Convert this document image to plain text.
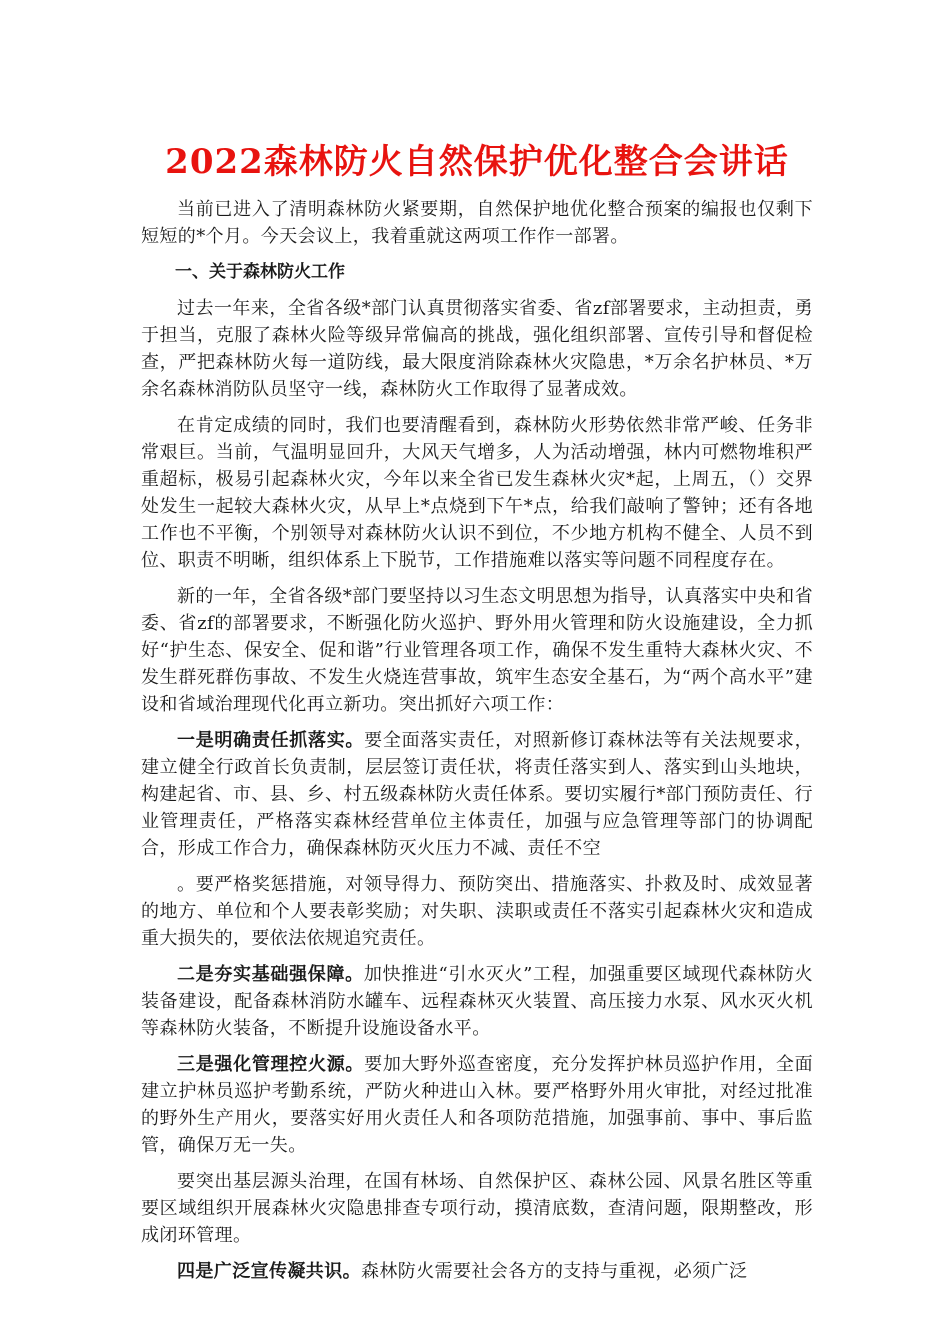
2022森林防火自然保护优化整合会讲话

当前已进入了清明森林防火紧要期，自然保护地优化整合预案的编报也仅剩下短短的*个月。今天会议上，我着重就这两项工作作一部署。

一、关于森林防火工作

过去一年来，全省各级*部门认真贯彻落实省委、省zf部署要求，主动担责，勇于担当，克服了森林火险等级异常偏高的挑战，强化组织部署、宣传引导和督促检查，严把森林防火每一道防线，最大限度消除森林火灾隐患，*万余名护林员、*万余名森林消防队员坚守一线，森林防火工作取得了显著成效。

在肯定成绩的同时，我们也要清醒看到，森林防火形势依然非常严峻、任务非常艰巨。当前，气温明显回升，大风天气增多，人为活动增强，林内可燃物堆积严重超标，极易引起森林火灾，今年以来全省已发生森林火灾*起，上周五，（）交界处发生一起较大森林火灾，从早上*点烧到下午*点，给我们敲响了警钟；还有各地工作也不平衡，个别领导对森林防火认识不到位，不少地方机构不健全、人员不到位、职责不明晰，组织体系上下脱节，工作措施难以落实等问题不同程度存在。

新的一年，全省各级*部门要坚持以习生态文明思想为指导，认真落实中央和省委、省zf的部署要求，不断强化防火巡护、野外用火管理和防火设施建设，全力抓好“护生态、保安全、促和谐”行业管理各项工作，确保不发生重特大森林火灾、不发生群死群伤事故、不发生火烧连营事故，筑牢生态安全基石，为“两个高水平”建设和省域治理现代化再立新功。突出抓好六项工作：

一是明确责任抓落实。要全面落实责任，对照新修订森林法等有关法规要求，建立健全行政首长负责制，层层签订责任状，将责任落实到人、落实到山头地块，构建起省、市、县、乡、村五级森林防火责任体系。要切实履行*部门预防责任、行业管理责任，严格落实森林经营单位主体责任，加强与应急管理等部门的协调配合，形成工作合力，确保森林防灭火压力不减、责任不空

。要严格奖惩措施，对领导得力、预防突出、措施落实、扑救及时、成效显著的地方、单位和个人要表彰奖励；对失职、渎职或责任不落实引起森林火灾和造成重大损失的，要依法依规追究责任。

二是夯实基础强保障。加快推进“引水灭火”工程，加强重要区域现代森林防火装备建设，配备森林消防水罐车、远程森林灭火装置、高压接力水泵、风水灭火机等森林防火装备，不断提升设施设备水平。

三是强化管理控火源。要加大野外巡查密度，充分发挥护林员巡护作用，全面建立护林员巡护考勤系统，严防火种进山入林。要严格野外用火审批，对经过批准的野外生产用火，要落实好用火责任人和各项防范措施，加强事前、事中、事后监管，确保万无一失。

要突出基层源头治理，在国有林场、自然保护区、森林公园、风景名胜区等重要区域组织开展森林火灾隐患排查专项行动，摸清底数，查清问题，限期整改，形成闭环管理。

四是广泛宣传凝共识。森林防火需要社会各方的支持与重视，必须广泛
